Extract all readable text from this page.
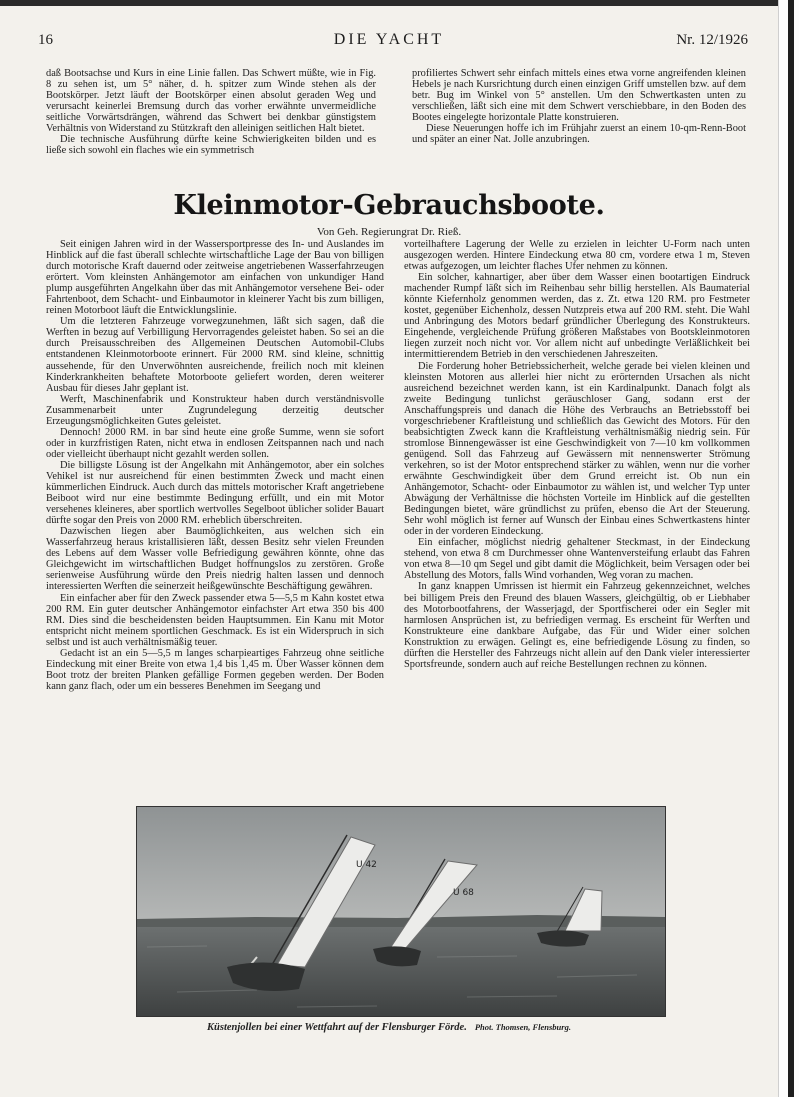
16	DIE YACHT	Nr. 12/1926

daß Bootsachse und Kurs in eine Linie fallen. Das Schwert müßte, wie in Fig. 8 zu sehen ist, um 5° näher, d. h. spitzer zum Winde stehen als der Bootskörper. Jetzt läuft der Bootskörper einen absolut geraden Weg und verursacht keinerlei Bremsung durch das vorher erwähnte unvermeidliche seitliche Vorwärtsdrängen, während das Schwert bei denkbar günstigstem Verhältnis von Widerstand zu Stützkraft den alleinigen seitlichen Halt bietet.

Die technische Ausführung dürfte keine Schwierigkeiten bilden und es ließe sich sowohl ein flaches wie ein symmetrisch

profiliertes Schwert sehr einfach mittels eines etwa vorne angreifenden kleinen Hebels je nach Kursrichtung durch einen einzigen Griff umstellen bzw. auf dem betr. Bug im Winkel von 5° anstellen. Um den Schwertkasten unten zu verschließen, läßt sich eine mit dem Schwert verschiebbare, in den Boden des Bootes eingelegte horizontale Platte konstruieren.

Diese Neuerungen hoffe ich im Frühjahr zuerst an einem 10-qm-Renn-Boot und später an einer Nat. Jolle anzubringen.

Kleinmotor-Gebrauchsboote.
Von Geh. Regierungrat Dr. Rieß.

Seit einigen Jahren wird in der Wassersportpresse des In- und Auslandes im Hinblick auf die fast überall schlechte wirtschaftliche Lage der Bau von billigen durch motorische Kraft dauernd oder zeitweise angetriebenen Wasserfahrzeugen erörtert. Vom kleinsten Anhängemotor am einfachen von unkundiger Hand plump ausgeführten Angelkahn über das mit Anhängemotor versehene Bei- oder Fahrtenboot, dem Schacht- und Einbaumotor in kleinerer Yacht bis zum billigen, reinen Motorboot läuft die Entwicklungslinie.

Um die letzteren Fahrzeuge vorwegzunehmen, läßt sich sagen, daß die Werften in bezug auf Verbilligung Hervorragendes geleistet haben. So sei an die durch Preisausschreiben des Allgemeinen Deutschen Automobil-Clubs entstandenen Kleinmotorboote erinnert. Für 2000 RM. sind kleine, schnittig aussehende, für den Unverwöhnten ausreichende, freilich noch mit kleinen Kinderkrankheiten behaftete Motorboote geliefert worden, deren weiterer Ausbau für dieses Jahr geplant ist.

Werft, Maschinenfabrik und Konstrukteur haben durch verständnisvolle Zusammenarbeit unter Zugrundelegung derzeitig deutscher Erzeugungsmöglichkeiten Gutes geleistet.

Dennoch! 2000 RM. in bar sind heute eine große Summe, wenn sie sofort oder in kurzfristigen Raten, nicht etwa in endlosen Zeitspannen nach und nach oder vielleicht überhaupt nicht gezahlt werden sollen.

Die billigste Lösung ist der Angelkahn mit Anhängemotor, aber ein solches Vehikel ist nur ausreichend für einen bestimmten Zweck und macht einen kümmerlichen Eindruck. Auch durch das mittels motorischer Kraft angetriebene Beiboot wird nur eine bestimmte Bedingung erfüllt, und ein mit Motor versehenes kleineres, aber sportlich wertvolles Segelboot üblicher solider Bauart dürfte sogar den Preis von 2000 RM. erheblich überschreiten.

Dazwischen liegen aber Baumöglichkeiten, aus welchen sich ein Wasserfahrzeug heraus kristallisieren läßt, dessen Besitz sehr vielen Freunden des Lebens auf dem Wasser volle Befriedigung gewähren könnte, ohne das Gleichgewicht im wirtschaftlichen Budget hoffnungslos zu zerstören. Große serienweise Ausführung würde den Preis niedrig halten lassen und dennoch interessierten Werften die seinerzeit heißgewünschte Beschäftigung gewähren.

Ein einfacher aber für den Zweck passender etwa 5—5,5 m Kahn kostet etwa 200 RM. Ein guter deutscher Anhängemotor einfachster Art etwa 350 bis 400 RM. Dies sind die bescheidensten beiden Hauptsummen. Ein Kanu mit Motor entspricht nicht meinem sportlichen Geschmack. Es ist ein Widerspruch in sich selbst und ist auch verhältnismäßig teuer.

Gedacht ist an ein 5—5,5 m langes scharpieartiges Fahrzeug ohne seitliche Eindeckung mit einer Breite von etwa 1,4 bis 1,45 m. Über Wasser können dem Boot trotz der breiten Planken gefällige Formen gegeben werden. Der Boden kann ganz flach, oder um ein besseres Benehmen im Seegang und

vorteilhaftere Lagerung der Welle zu erzielen in leichter U-Form nach unten ausgezogen werden. Hintere Eindeckung etwa 80 cm, vordere etwa 1 m, Steven etwas aufgezogen, um leichter flaches Ufer nehmen zu können.

Ein solcher, kahnartiger, aber über dem Wasser einen bootartigen Eindruck machender Rumpf läßt sich im Reihenbau sehr billig herstellen. Als Baumaterial könnte Kiefernholz genommen werden, das z. Zt. etwa 120 RM. pro Festmeter kostet, gegenüber Eichenholz, dessen Nutzpreis etwa auf 200 RM. steht. Die Wahl und Anbringung des Motors bedarf gründlicher Überlegung des Konstrukteurs. Eingehende, vergleichende Prüfung größeren Maßstabes von Bootskleinmotoren liegen zurzeit noch nicht vor. Vor allem nicht auf unbedingte Verläßlichkeit bei intermittierendem Betrieb in den verschiedenen Jahreszeiten.

Die Forderung hoher Betriebssicherheit, welche gerade bei vielen kleinen und kleinsten Motoren aus allerlei hier nicht zu erörternden Ursachen als nicht ausreichend bezeichnet werden kann, ist ein Kardinalpunkt. Danach folgt als zweite Bedingung tunlichst geräuschloser Gang, sodann erst der Anschaffungspreis und danach die Höhe des Verbrauchs an Betriebsstoff bei vorgeschriebener Kraftleistung und schließlich das Gewicht des Motors. Für den beabsichtigten Zweck kann die Kraftleistung verhältnismäßig niedrig sein. Für stromlose Binnengewässer ist eine Geschwindigkeit von 7—10 km vollkommen genügend. Soll das Fahrzeug auf Gewässern mit nennenswerter Strömung verkehren, so ist der Motor entsprechend stärker zu wählen, wenn nur die vorher erwähnte Geschwindigkeit über dem Grund erreicht ist. Ob nun ein Anhängemotor, Schacht- oder Einbaumotor zu wählen ist, und welcher Typ unter Abwägung der Verhältnisse die höchsten Vorteile im Hinblick auf die gestellten Bedingungen bietet, wäre gründlichst zu prüfen, ebenso die Art der Steuerung. Sehr wohl möglich ist ferner auf Wunsch der Einbau eines Schwertkastens hinter oder in der vorderen Eindeckung.

Ein einfacher, möglichst niedrig gehaltener Steckmast, in der Eindeckung stehend, von etwa 8 cm Durchmesser ohne Wantenversteifung erlaubt das Fahren von etwa 8—10 qm Segel und gibt damit die Möglichkeit, beim Versagen oder bei Abstellung des Motors, falls Wind vorhanden, Weg voran zu machen.

In ganz knappen Umrissen ist hiermit ein Fahrzeug gekennzeichnet, welches bei billigem Preis den Freund des blauen Wassers, gleichgültig, ob er Liebhaber des Motorbootfahrens, der Wasserjagd, der Sportfischerei oder ein Segler mit harmlosen Ansprüchen ist, zu befriedigen vermag. Es erscheint für Werften und Konstrukteure eine dankbare Aufgabe, das Für und Wider einer solchen Konstruktion zu erwägen. Gelingt es, eine befriedigende Lösung zu finden, so dürften die Hersteller des Fahrzeugs nicht allein auf den Dank vieler interessierter Sportsfreunde, sondern auch auf reiche Bestellungen rechnen zu können.

U 42
U 68
Küstenjollen bei einer Wettfahrt auf der Flensburger Förde. Phot. Thomsen, Flensburg.
